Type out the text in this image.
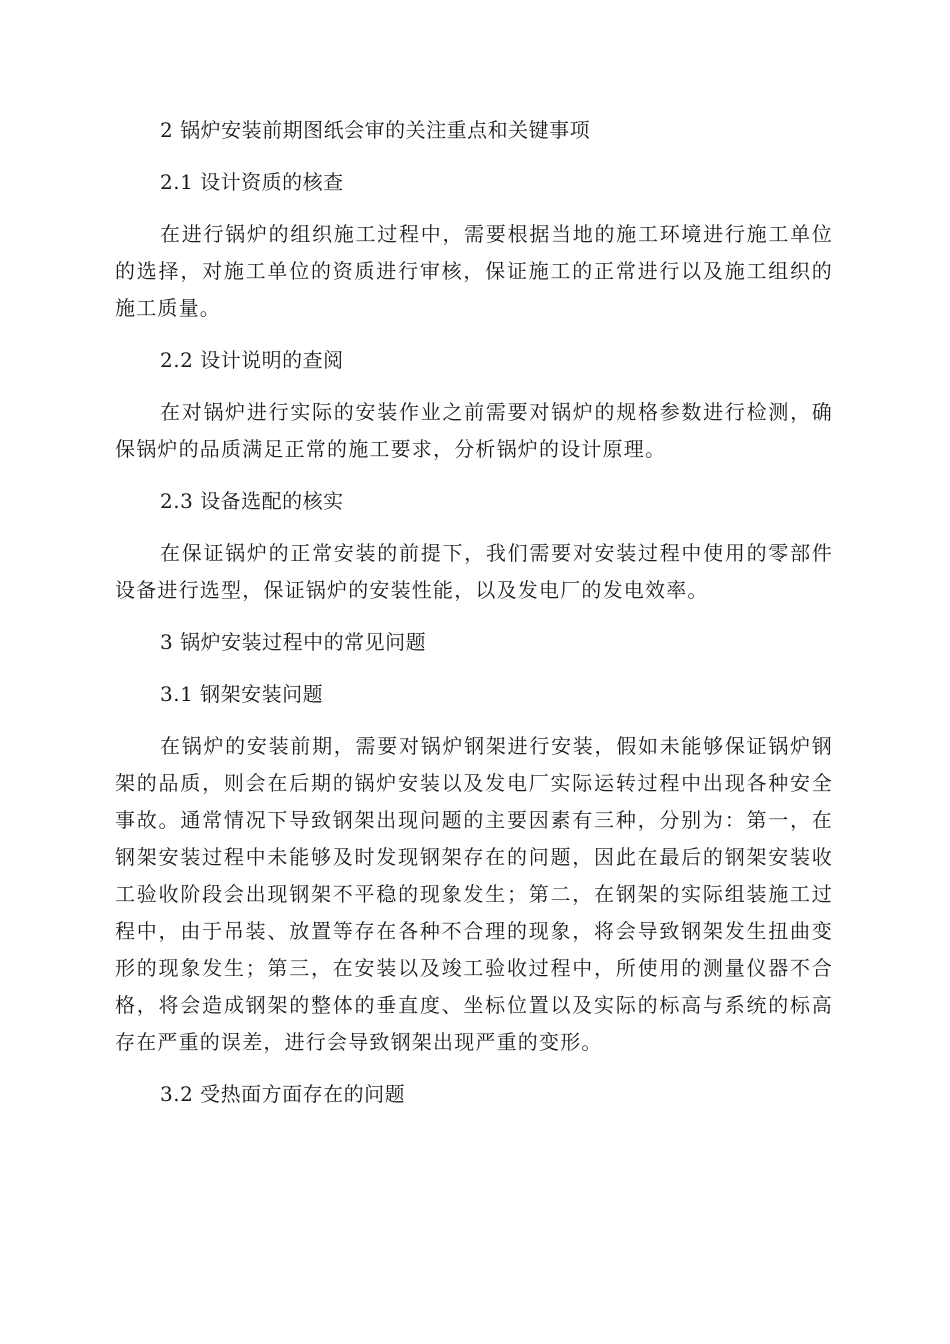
2 锅炉安装前期图纸会审的关注重点和关键事项
2.1 设计资质的核查

在进行锅炉的组织施工过程中，需要根据当地的施工环境进行施工单位的选择，对施工单位的资质进行审核，保证施工的正常进行以及施工组织的施工质量。

2.2 设计说明的查阅

在对锅炉进行实际的安装作业之前需要对锅炉的规格参数进行检测，确保锅炉的品质满足正常的施工要求，分析锅炉的设计原理。

2.3 设备选配的核实

在保证锅炉的正常安装的前提下，我们需要对安装过程中使用的零部件设备进行选型，保证锅炉的安装性能，以及发电厂的发电效率。

3 锅炉安装过程中的常见问题
3.1 钢架安装问题

在锅炉的安装前期，需要对锅炉钢架进行安装，假如未能够保证锅炉钢架的品质，则会在后期的锅炉安装以及发电厂实际运转过程中出现各种安全事故。通常情况下导致钢架出现问题的主要因素有三种，分别为：第一，在钢架安装过程中未能够及时发现钢架存在的问题，因此在最后的钢架安装收工验收阶段会出现钢架不平稳的现象发生；第二，在钢架的实际组装施工过程中，由于吊装、放置等存在各种不合理的现象，将会导致钢架发生扭曲变形的现象发生；第三，在安装以及竣工验收过程中，所使用的测量仪器不合格，将会造成钢架的整体的垂直度、坐标位置以及实际的标高与系统的标高存在严重的误差，进行会导致钢架出现严重的变形。

3.2 受热面方面存在的问题
